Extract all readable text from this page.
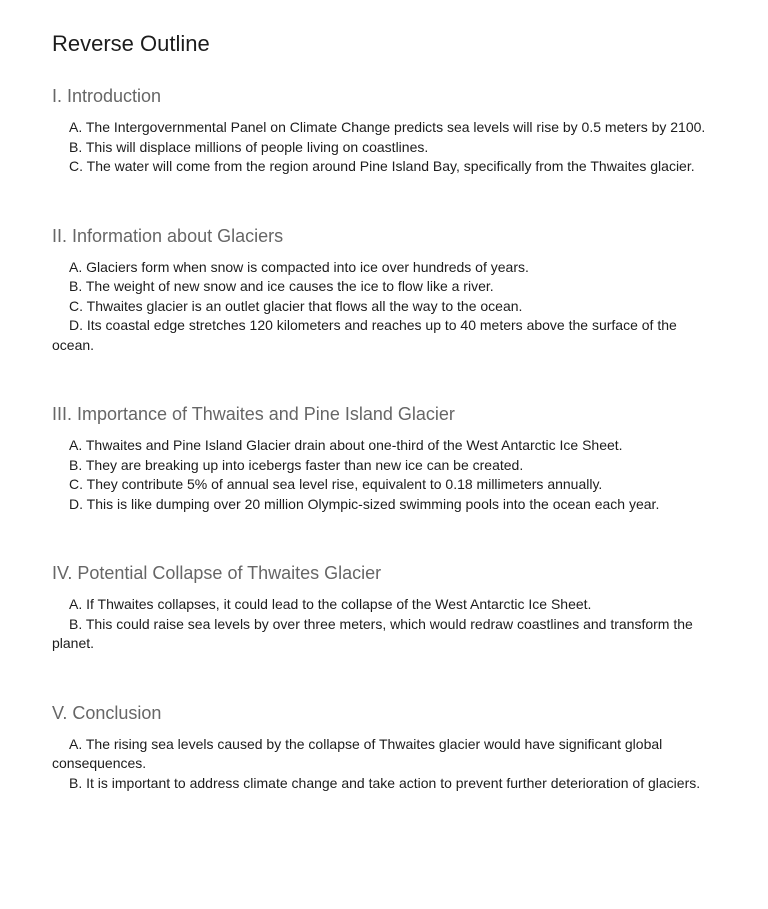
Reverse Outline
I. Introduction

A. The Intergovernmental Panel on Climate Change predicts sea levels will rise by 0.5 meters by 2100.

B. This will displace millions of people living on coastlines.

C. The water will come from the region around Pine Island Bay, specifically from the Thwaites glacier.

II. Information about Glaciers

A. Glaciers form when snow is compacted into ice over hundreds of years.

B. The weight of new snow and ice causes the ice to flow like a river.

C. Thwaites glacier is an outlet glacier that flows all the way to the ocean.

D. Its coastal edge stretches 120 kilometers and reaches up to 40 meters above the surface of the ocean.

III. Importance of Thwaites and Pine Island Glacier

A. Thwaites and Pine Island Glacier drain about one-third of the West Antarctic Ice Sheet.

B. They are breaking up into icebergs faster than new ice can be created.

C. They contribute 5% of annual sea level rise, equivalent to 0.18 millimeters annually.

D. This is like dumping over 20 million Olympic-sized swimming pools into the ocean each year.

IV. Potential Collapse of Thwaites Glacier

A. If Thwaites collapses, it could lead to the collapse of the West Antarctic Ice Sheet.

B. This could raise sea levels by over three meters, which would redraw coastlines and transform the planet.

V. Conclusion

A. The rising sea levels caused by the collapse of Thwaites glacier would have significant global consequences.

B. It is important to address climate change and take action to prevent further deterioration of glaciers.
